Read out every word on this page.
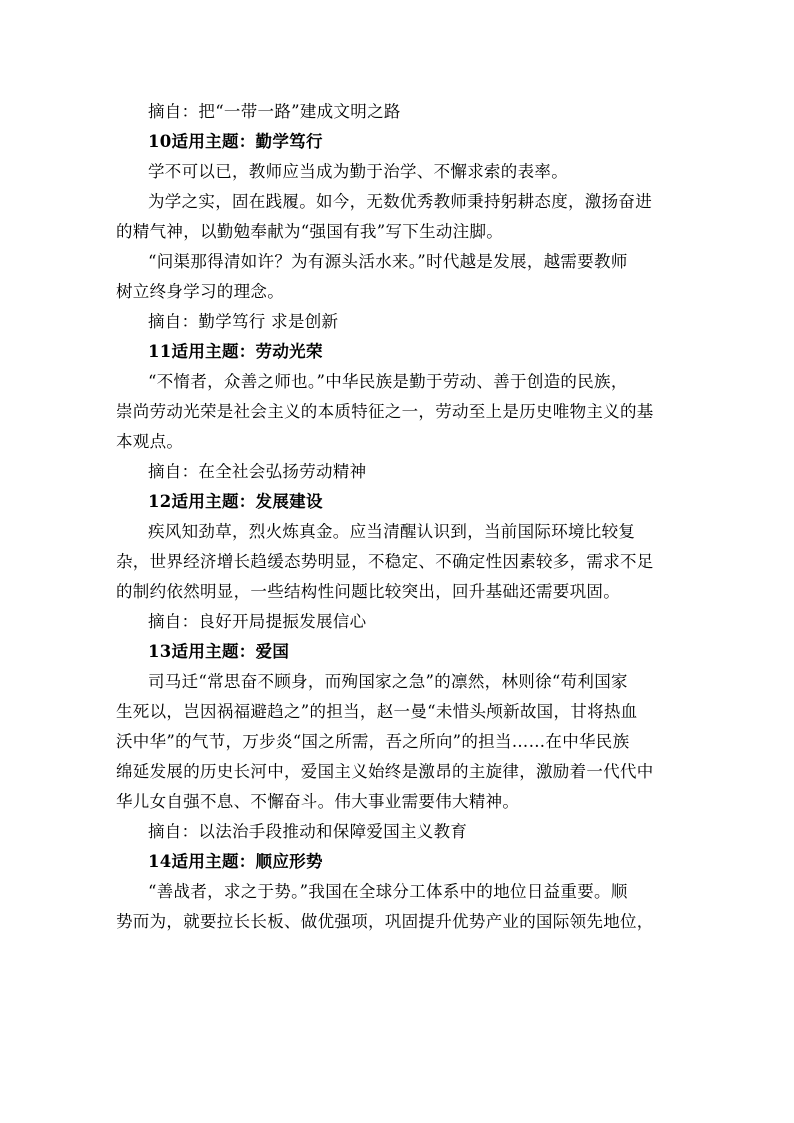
摘自：把“一带一路”建成文明之路
10适用主题：勤学笃行
学不可以已，教师应当成为勤于治学、不懈求索的表率。
为学之实，固在践履。如今，无数优秀教师秉持躬耕态度，激扬奋进
的精气神，以勤勉奉献为“强国有我”写下生动注脚。
“问渠那得清如许？为有源头活水来。”时代越是发展，越需要教师
树立终身学习的理念。
摘自：勤学笃行 求是创新
11适用主题：劳动光荣
“不惰者，众善之师也。”中华民族是勤于劳动、善于创造的民族，
崇尚劳动光荣是社会主义的本质特征之一，劳动至上是历史唯物主义的基
本观点。
摘自：在全社会弘扬劳动精神
12适用主题：发展建设
疾风知劲草，烈火炼真金。应当清醒认识到，当前国际环境比较复
杂，世界经济增长趋缓态势明显，不稳定、不确定性因素较多，需求不足
的制约依然明显，一些结构性问题比较突出，回升基础还需要巩固。
摘自：良好开局提振发展信心
13适用主题：爱国
司马迁“常思奋不顾身，而殉国家之急”的凛然，林则徐“苟利国家
生死以，岂因祸福避趋之”的担当，赵一曼“未惜头颅新故国，甘将热血
沃中华”的气节，万步炎“国之所需，吾之所向”的担当……在中华民族
绵延发展的历史长河中，爱国主义始终是激昂的主旋律，激励着一代代中
华儿女自强不息、不懈奋斗。伟大事业需要伟大精神。
摘自：以法治手段推动和保障爱国主义教育
14适用主题：顺应形势
“善战者，求之于势。”我国在全球分工体系中的地位日益重要。顺
势而为，就要拉长长板、做优强项，巩固提升优势产业的国际领先地位，
